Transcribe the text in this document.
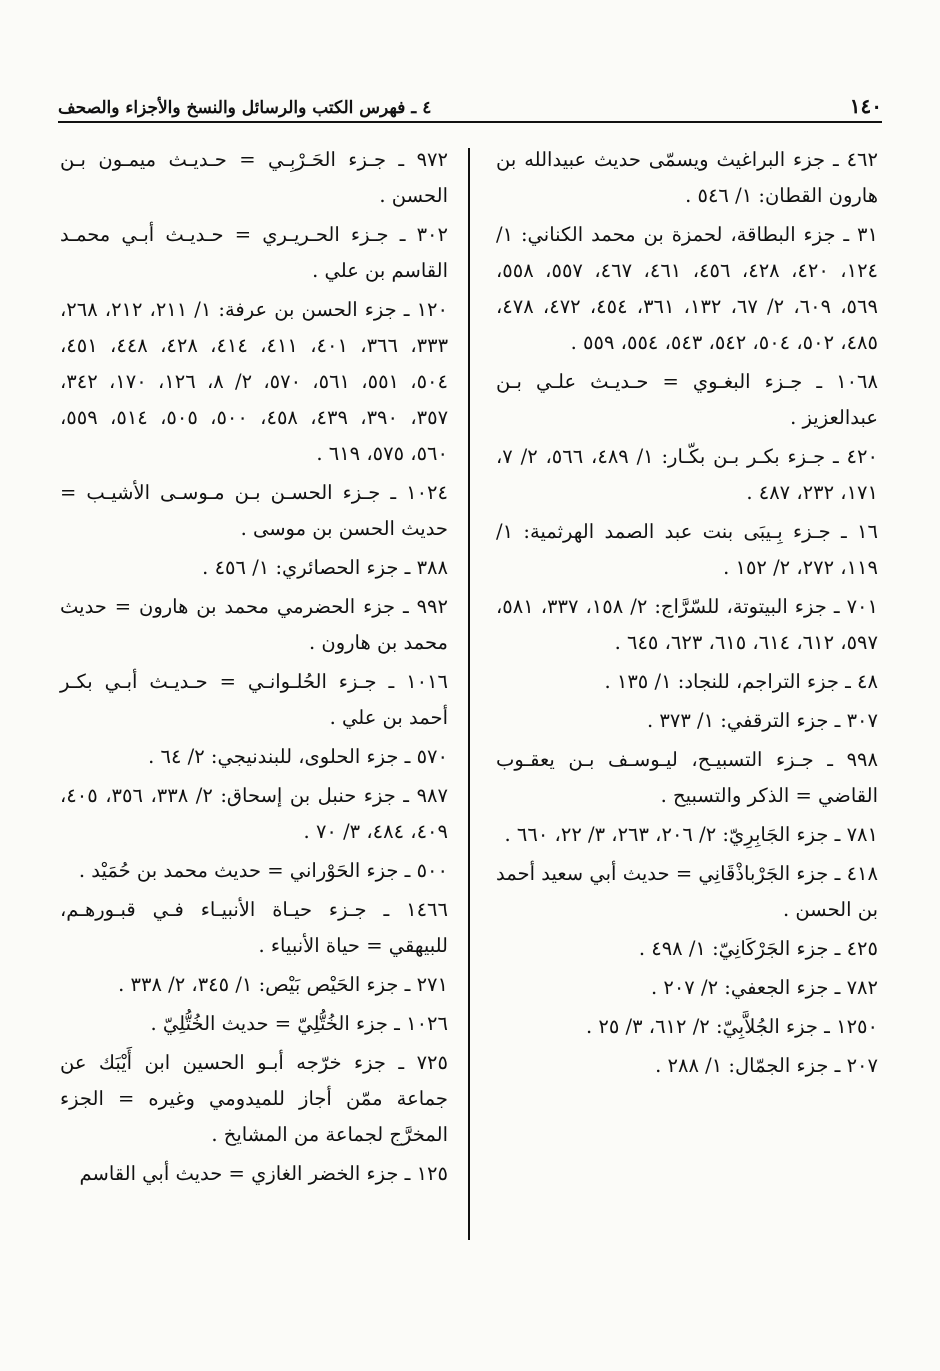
١٤٠
٤ ـ فهرس الكتب والرسائل والنسخ والأجزاء والصحف

٤٦٢ ـ جزء البراغيث ويسمّى حديث عبيدالله بن هارون القطان: ١/ ٥٤٦ .

٣١ ـ جزء البطاقة، لحمزة بن محمد الكناني: ١/ ١٢٤، ٤٢٠، ٤٢٨، ٤٥٦، ٤٦١، ٤٦٧، ٥٥٧، ٥٥٨، ٥٦٩، ٦٠٩، ٢/ ٦٧، ١٣٢، ٣٦١، ٤٥٤، ٤٧٢، ٤٧٨، ٤٨٥، ٥٠٢، ٥٠٤، ٥٤٢، ٥٤٣، ٥٥٤، ٥٥٩ .

١٠٦٨ ـ جـزء البغـوي = حـديـث علـي بـن عبدالعزيز .

٤٢٠ ـ جـزء بكـر بـن بكّـار: ١/ ٤٨٩، ٥٦٦، ٢/ ٧، ١٧١، ٢٣٢، ٤٨٧ .

١٦ ـ جـزء بِـيبَى بنت عبد الصمد الهرثمية: ١/ ١١٩، ٢٧٢، ٢/ ١٥٢ .

٧٠١ ـ جزء البيتوتة، للسّرَّاج: ٢/ ١٥٨، ٣٣٧، ٥٨١، ٥٩٧، ٦١٢، ٦١٤، ٦١٥، ٦٢٣، ٦٤٥ .

٤٨ ـ جزء التراجم، للنجاد: ١/ ١٣٥ .

٣٠٧ ـ جزء الترقفي: ١/ ٣٧٣ .

٩٩٨ ـ جـزء التسبيـح، ليـوسـف بـن يعقـوب القاضي = الذكر والتسبيح .

٧٨١ ـ جزء الجَابِرِيّ: ٢/ ٢٠٦، ٢٦٣، ٣/ ٢٢، ٦٦٠ .

٤١٨ ـ جزء الجَرْباذْقَانِي = حديث أبي سعيد أحمد بن الحسن .

٤٢٥ ـ جزء الجَرْكَانِيّ: ١/ ٤٩٨ .

٧٨٢ ـ جزء الجعفي: ٢/ ٢٠٧ .

١٢٥٠ ـ جزء الجُلاَّبِيّ: ٢/ ٦١٢، ٣/ ٢٥ .

٢٠٧ ـ جزء الجمّال: ١/ ٢٨٨ .

٩٧٢ ـ جـزء الحَـرْبِـي = حـديـث ميمـون بـن الحسن .

٣٠٢ ـ جـزء الحـريـري = حـديـث أبـي محمـد القاسم بن علي .

١٢٠ ـ جزء الحسن بن عرفة: ١/ ٢١١، ٢١٢، ٢٦٨، ٣٣٣، ٣٦٦، ٤٠١، ٤١١، ٤١٤، ٤٢٨، ٤٤٨، ٤٥١، ٥٠٤، ٥٥١، ٥٦١، ٥٧٠، ٢/ ٨، ١٢٦، ١٧٠، ٣٤٢، ٣٥٧، ٣٩٠، ٤٣٩، ٤٥٨، ٥٠٠، ٥٠٥، ٥١٤، ٥٥٩، ٥٦٠، ٥٧٥، ٦١٩ .

١٠٢٤ ـ جـزء الحسـن بـن مـوسـى الأشيـب = حديث الحسن بن موسى .

٣٨٨ ـ جزء الحصائري: ١/ ٤٥٦ .

٩٩٢ ـ جزء الحضرمي محمد بن هارون = حديث محمد بن هارون .

١٠١٦ ـ جـزء الحُلـوانـي = حـديـث أبـي بكـر أحمد بن علي .

٥٧٠ ـ جزء الحلوى، للبندنيجي: ٢/ ٦٤ .

٩٨٧ ـ جزء حنبل بن إسحاق: ٢/ ٣٣٨، ٣٥٦، ٤٠٥، ٤٠٩، ٤٨٤، ٣/ ٧٠ .

٥٠٠ ـ جزء الحَوْراني = حديث محمد بن حُمَيْد .

١٤٦٦ ـ جـزء حيـاة الأنبيـاء فـي قبـورهـم، للبيهقي = حياة الأنبياء .

٢٧١ ـ جزء الحَيْص بَيْص: ١/ ٣٤٥، ٢/ ٣٣٨ .

١٠٢٦ ـ جزء الخُتُّلِيّ = حديث الخُتُّلِيّ .

٧٢٥ ـ جزء خرّجه أبـو الحسين ابن أَيْبَك عن جماعة ممّن أجاز للميدومي وغيره = الجزء المخرَّج لجماعة من المشايخ .

١٢٥ ـ جزء الخضر الغازي = حديث أبي القاسم
